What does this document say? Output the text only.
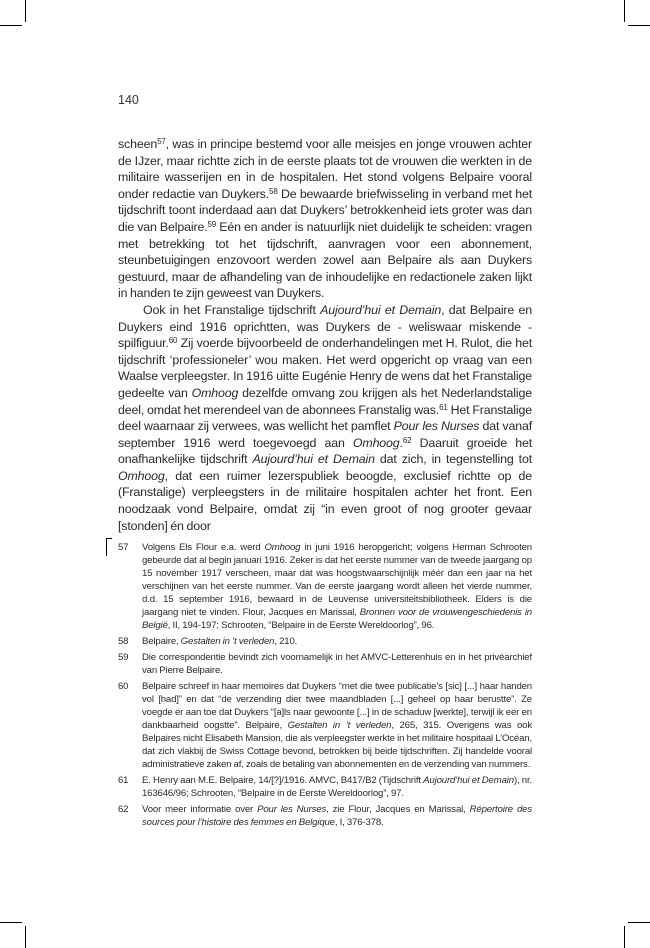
140

scheen$^{57}$, was in principe bestemd voor alle meisjes en jonge vrouwen achter de IJzer, maar richtte zich in de eerste plaats tot de vrouwen die werkten in de militaire wasserijen en in de hospitalen. Het stond volgens Belpaire vooral onder redactie van Duykers.$^{58}$ De bewaarde briefwisseling in verband met het tijdschrift toont inderdaad aan dat Duykers’ betrokkenheid iets groter was dan die van Belpaire.$^{59}$ Eén en ander is natuurlijk niet duidelijk te scheiden: vragen met betrekking tot het tijdschrift, aanvragen voor een abonnement, steunbetuigingen enzovoort werden zowel aan Belpaire als aan Duykers gestuurd, maar de afhandeling van de inhoudelijke en redactionele zaken lijkt in handen te zijn geweest van Duykers.

Ook in het Franstalige tijdschrift Aujourd’hui et Demain, dat Belpaire en Duykers eind 1916 oprichtten, was Duykers de - weliswaar miskende - spilfiguur.$^{60}$ Zij voerde bijvoorbeeld de onderhandelingen met H. Rulot, die het tijdschrift ‘professioneler’ wou maken. Het werd opgericht op vraag van een Waalse verpleegster. In 1916 uitte Eugénie Henry de wens dat het Franstalige gedeelte van Omhoog dezelfde omvang zou krijgen als het Nederlandstalige deel, omdat het merendeel van de abonnees Franstalig was.$^{61}$ Het Franstalige deel waarnaar zij verwees, was wellicht het pamflet Pour les Nurses dat vanaf september 1916 werd toegevoegd aan Omhoog.$^{62}$ Daaruit groeide het onafhankelijke tijdschrift Aujourd’hui et Demain dat zich, in tegenstelling tot Omhoog, dat een ruimer lezerspubliek beoogde, exclusief richtte op de (Franstalige) verpleegsters in de militaire hospitalen achter het front. Een noodzaak vond Belpaire, omdat zij “in even groot of nog grooter gevaar [stonden] én door

57	Volgens Els Flour e.a. werd Omhoog in juni 1916 heropgericht; volgens Herman Schrooten gebeurde dat al begin januari 1916. Zeker is dat het eerste nummer van de tweede jaargang op 15 november 1917 verscheen, maar dat was hoogstwaarschijnlijk méér dan een jaar na het verschijnen van het eerste nummer. Van de eerste jaargang wordt alleen het vierde nummer, d.d. 15 september 1916, bewaard in de Leuvense universiteitsbibliotheek. Elders is die jaargang niet te vinden. Flour, Jacques en Marissal, Bronnen voor de vrouwengeschiedenis in België, II, 194-197; Schrooten, “Belpaire in de Eerste Wereldoorlog”, 96.
58	Belpaire, Gestalten in ’t verleden, 210.
59	Die correspondentie bevindt zich voornamelijk in het AMVC-Letterenhuis en in het privéarchief van Pierre Belpaire.
60	Belpaire schreef in haar memoires dat Duykers “met die twee publicatie’s [sic] [...] haar handen vol [had]” en dat “de verzending dier twee maandbladen [...] geheel op haar berustte”. Ze voegde er aan toe dat Duykers “[a]ls naar gewoonte [...] in de schaduw [werkte], terwijl ik eer en dankbaarheid oogstte”. Belpaire, Gestalten in ’t verleden, 265, 315. Overigens was ook Belpaires nicht Elisabeth Mansion, die als verpleegster werkte in het militaire hospitaal L’Océan, dat zich vlakbij de Swiss Cottage bevond, betrokken bij beide tijdschriften. Zij handelde vooral administratieve zaken af, zoals de betaling van abonnementen en de verzending van nummers.
61	E. Henry aan M.E. Belpaire, 14/[?]/1916. AMVC, B417/B2 (Tijdschrift Aujourd’hui et Demain), nr. 163646/96; Schrooten, “Belpaire in de Eerste Wereldoorlog”, 97.
62	Voor meer informatie over Pour les Nurses, zie Flour, Jacques en Marissal, Répertoire des sources pour l’histoire des femmes en Belgique, I, 376-378.
